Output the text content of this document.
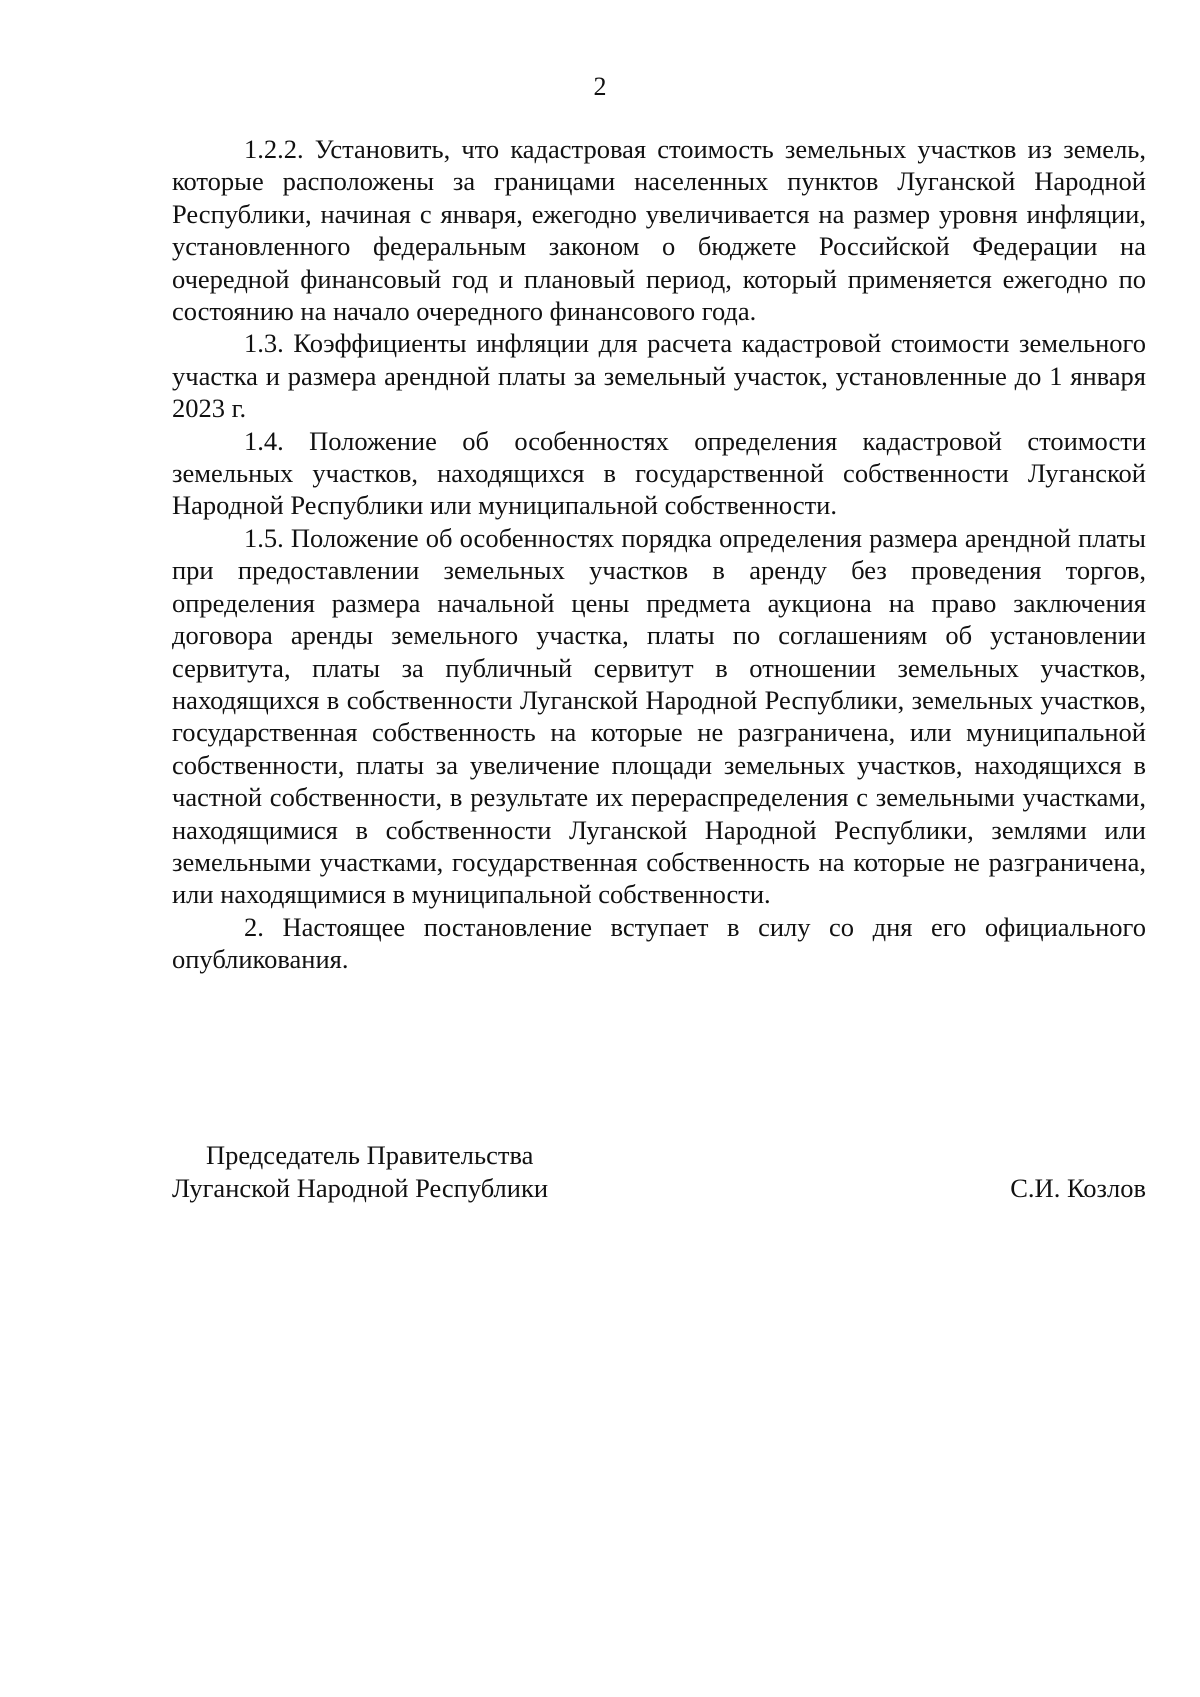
2

1.2.2. Установить, что кадастровая стоимость земельных участков из земель, которые расположены за границами населенных пунктов Луганской Народной Республики, начиная с января, ежегодно увеличивается на размер уровня инфляции, установленного федеральным законом о бюджете Российской Федерации на очередной финансовый год и плановый период, который применяется ежегодно по состоянию на начало очередного финансового года.

1.3. Коэффициенты инфляции для расчета кадастровой стоимости земельного участка и размера арендной платы за земельный участок, установленные до 1 января 2023 г.

1.4. Положение об особенностях определения кадастровой стоимости земельных участков, находящихся в государственной собственности Луганской Народной Республики или муниципальной собственности.

1.5. Положение об особенностях порядка определения размера арендной платы при предоставлении земельных участков в аренду без проведения торгов, определения размера начальной цены предмета аукциона на право заключения договора аренды земельного участка, платы по соглашениям об установлении сервитута, платы за публичный сервитут в отношении земельных участков, находящихся в собственности Луганской Народной Республики, земельных участков, государственная собственность на которые не разграничена, или муниципальной собственности, платы за увеличение площади земельных участков, находящихся в частной собственности, в результате их перераспределения с земельными участками, находящимися в собственности Луганской Народной Республики, землями или земельными участками, государственная собственность на которые не разграничена, или находящимися в муниципальной собственности.

2. Настоящее постановление вступает в силу со дня его официального опубликования.

Председатель Правительства
Луганской Народной Республики	С.И. Козлов
